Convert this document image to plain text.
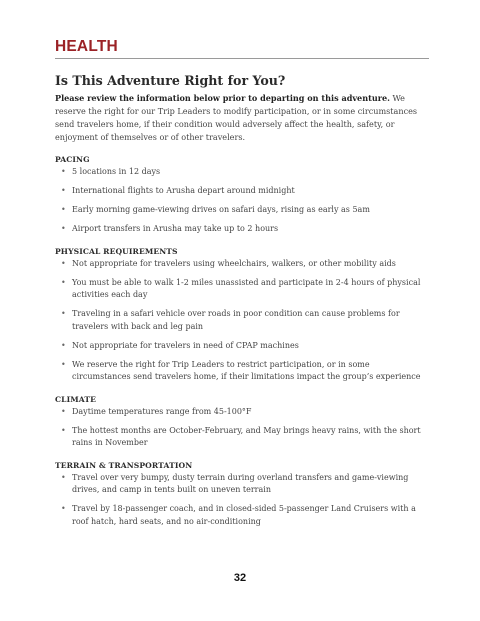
HEALTH
Is This Adventure Right for You?

Please review the information below prior to departing on this adventure. We reserve the right for our Trip Leaders to modify participation, or in some circumstances send travelers home, if their condition would adversely affect the health, safety, or enjoyment of themselves or of other travelers.

PACING
• 5 locations in 12 days
• International flights to Arusha depart around midnight
• Early morning game-viewing drives on safari days, rising as early as 5am
• Airport transfers in Arusha may take up to 2 hours
PHYSICAL REQUIREMENTS
• Not appropriate for travelers using wheelchairs, walkers, or other mobility aids
• You must be able to walk 1-2 miles unassisted and participate in 2-4 hours of physical activities each day
• Traveling in a safari vehicle over roads in poor condition can cause problems for travelers with back and leg pain
• Not appropriate for travelers in need of CPAP machines
• We reserve the right for Trip Leaders to restrict participation, or in some circumstances send travelers home, if their limitations impact the group’s experience
CLIMATE
• Daytime temperatures range from 45-100°F
• The hottest months are October-February, and May brings heavy rains, with the short rains in November
TERRAIN & TRANSPORTATION
• Travel over very bumpy, dusty terrain during overland transfers and game-viewing drives, and camp in tents built on uneven terrain
• Travel by 18-passenger coach, and in closed-sided 5-passenger Land Cruisers with a roof hatch, hard seats, and no air-conditioning
32
